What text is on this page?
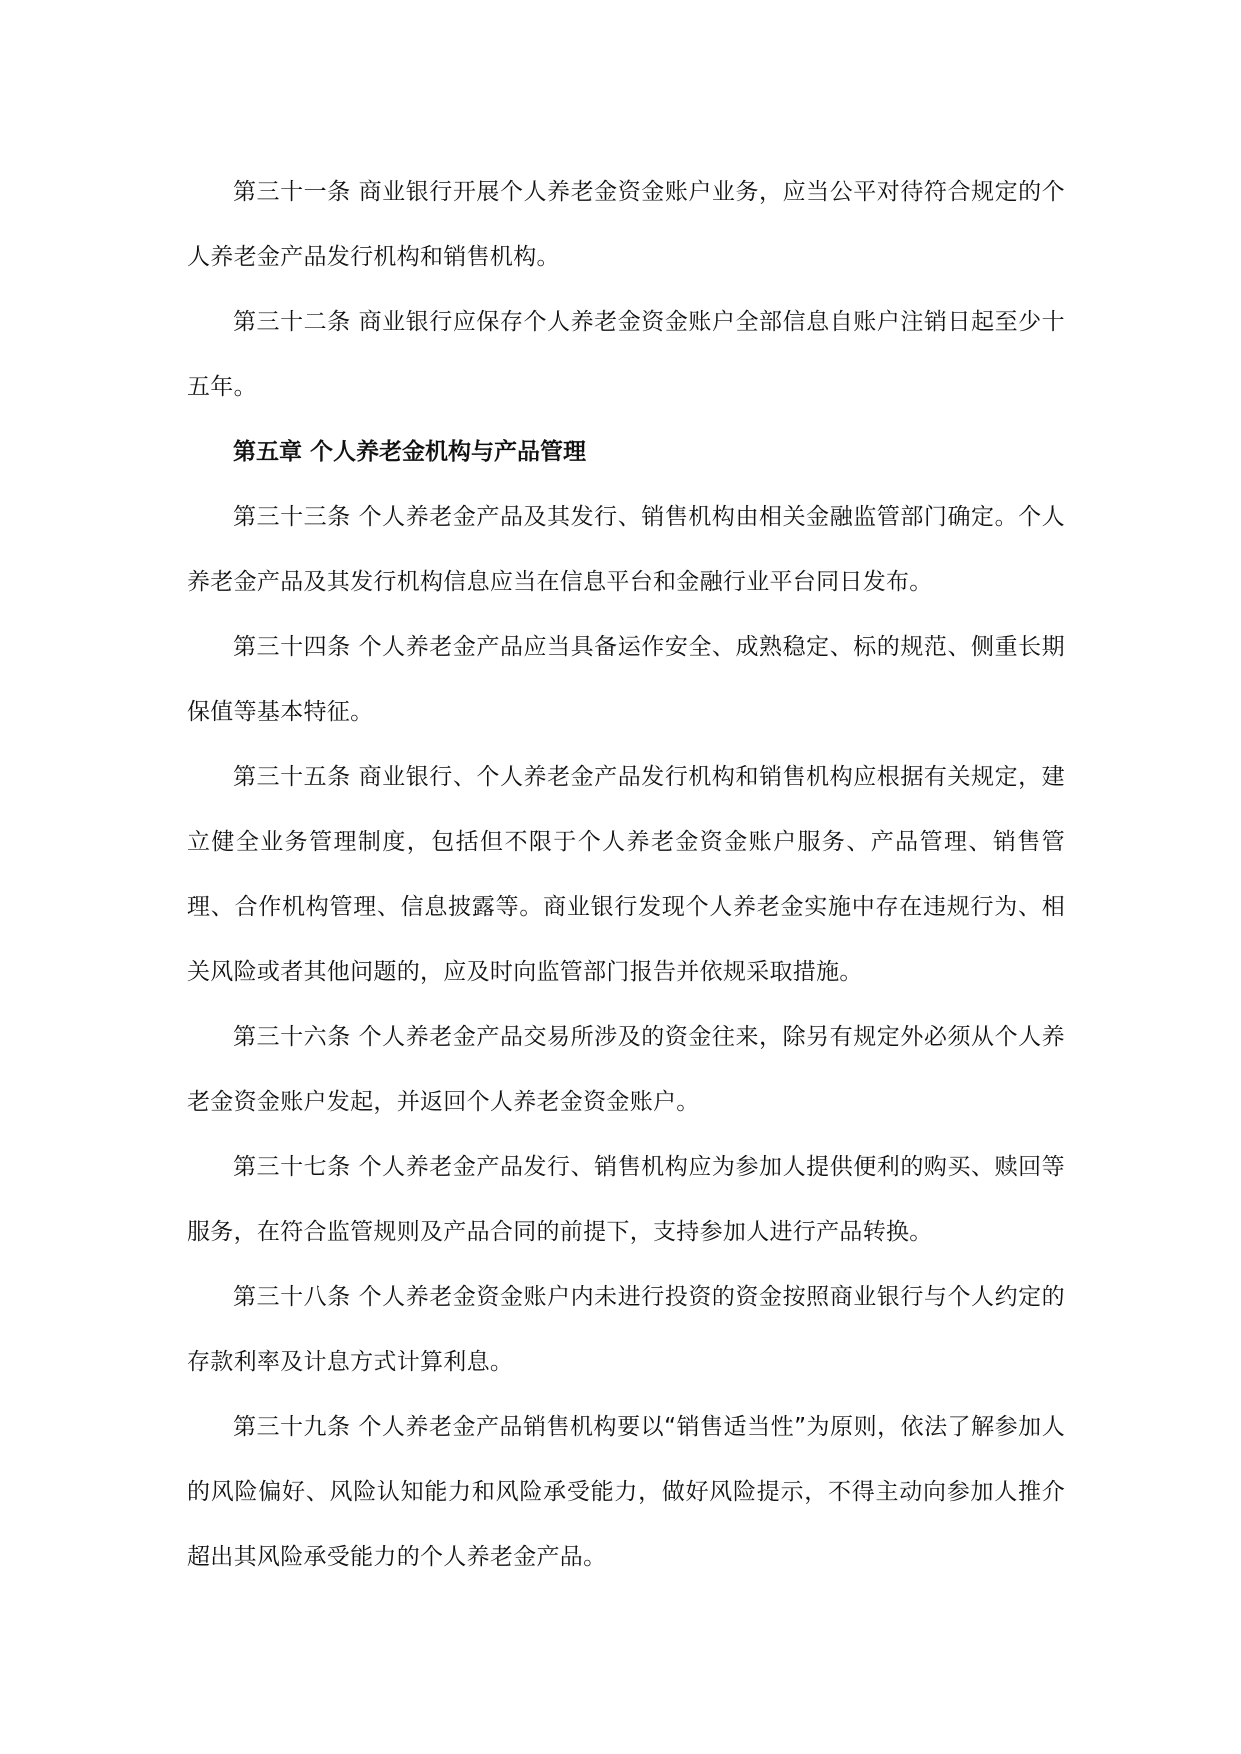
第三十一条 商业银行开展个人养老金资金账户业务，应当公平对待符合规定的个人养老金产品发行机构和销售机构。

第三十二条 商业银行应保存个人养老金资金账户全部信息自账户注销日起至少十五年。

第五章 个人养老金机构与产品管理

第三十三条 个人养老金产品及其发行、销售机构由相关金融监管部门确定。个人养老金产品及其发行机构信息应当在信息平台和金融行业平台同日发布。

第三十四条 个人养老金产品应当具备运作安全、成熟稳定、标的规范、侧重长期保值等基本特征。

第三十五条 商业银行、个人养老金产品发行机构和销售机构应根据有关规定，建立健全业务管理制度，包括但不限于个人养老金资金账户服务、产品管理、销售管理、合作机构管理、信息披露等。商业银行发现个人养老金实施中存在违规行为、相关风险或者其他问题的，应及时向监管部门报告并依规采取措施。

第三十六条 个人养老金产品交易所涉及的资金往来，除另有规定外必须从个人养老金资金账户发起，并返回个人养老金资金账户。

第三十七条 个人养老金产品发行、销售机构应为参加人提供便利的购买、赎回等服务，在符合监管规则及产品合同的前提下，支持参加人进行产品转换。

第三十八条 个人养老金资金账户内未进行投资的资金按照商业银行与个人约定的存款利率及计息方式计算利息。

第三十九条 个人养老金产品销售机构要以“销售适当性”为原则，依法了解参加人的风险偏好、风险认知能力和风险承受能力，做好风险提示，不得主动向参加人推介超出其风险承受能力的个人养老金产品。
